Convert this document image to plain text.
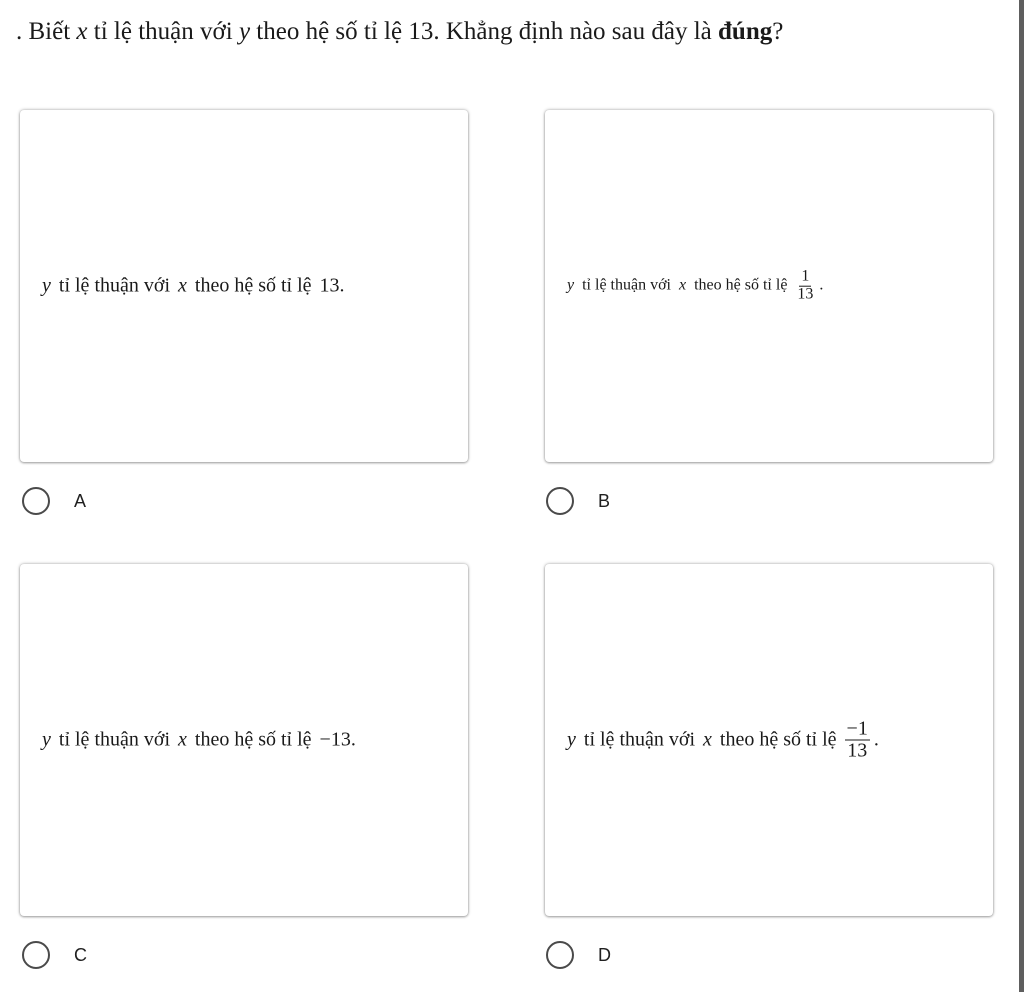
. Biết x tỉ lệ thuận với y theo hệ số tỉ lệ 13. Khẳng định nào sau đây là đúng?
y tỉ lệ thuận với x theo hệ số tỉ lệ 13 .
A
y tỉ lệ thuận với x theo hệ số tỉ lệ $\frac{1}{13}$ .
B
y tỉ lệ thuận với x theo hệ số tỉ lệ −13 .
C
y tỉ lệ thuận với x theo hệ số tỉ lệ $\frac{-1}{13}$ .
D
